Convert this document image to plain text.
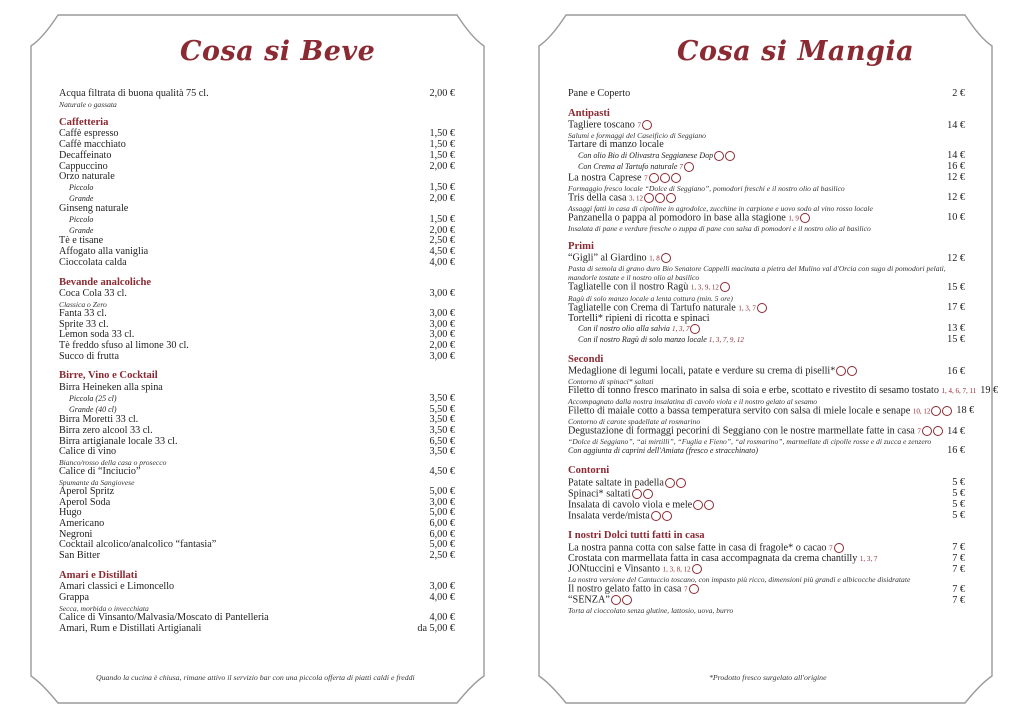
Cosa si Beve	Cosa si Mangia
Acqua filtrata di buona qualità 75 cl.	2,00 €
Naturale o gassata
Caffetteria
Caffè espresso	1,50 €
Caffè macchiato	1,50 €
Decaffeinato	1,50 €
Cappuccino	2,00 €
Orzo naturale
Piccolo	1,50 €
Grande	2,00 €
Ginseng naturale
Piccolo	1,50 €
Grande	2,00 €
Tè e tisane	2,50 €
Affogato alla vaniglia	4,50 €
Cioccolata calda	4,00 €
Bevande analcoliche
Coca Cola 33 cl.	3,00 €
Classica o Zero
Fanta 33 cl.	3,00 €
Sprite 33 cl.	3,00 €
Lemon soda 33 cl.	3,00 €
Tè freddo sfuso al limone 30 cl.	2,00 €
Succo di frutta	3,00 €
Birre, Vino e Cocktail
Birra Heineken alla spina
Piccola (25 cl)	3,50 €
Grande (40 cl)	5,50 €
Birra Moretti 33 cl.	3,50 €
Birra zero alcool 33 cl.	3,50 €
Birra artigianale locale 33 cl.	6,50 €
Calice di vino	3,50 €
Bianco/rosso della casa o prosecco
Calice di “Inciucio”	4,50 €
Spumante da Sangiovese
Aperol Spritz	5,00 €
Aperol Soda	3,00 €
Hugo	5,00 €
Americano	6,00 €
Negroni	6,00 €
Cocktail alcolico/analcolico “fantasia”	5,00 €
San Bitter	2,50 €
Amari e Distillati
Amari classici e Limoncello	3,00 €
Grappa	4,00 €
Secca, morbida o invecchiata
Calice di Vinsanto/Malvasia/Moscato di Pantelleria	4,00 €
Amari, Rum e Distillati Artigianali	da 5,00 €
Pane e Coperto	2 €
Antipasti
Tagliere toscano 7	14 €
Salumi e formaggi del Caseificio di Seggiano
Tartare di manzo locale
Con olio Bio di Olivastra Seggianese Dop	14 €
Con Crema al Tartufo naturale 7	16 €
La nostra Caprese 7	12 €
Formaggio fresco locale “Dolce di Seggiano”, pomodori freschi e il nostro olio al basilico
Tris della casa 3, 12	12 €
Assaggi fatti in casa di cipolline in agrodolce, zucchine in carpione e uovo sodo al vino rosso locale
Panzanella o pappa al pomodoro in base alla stagione 1, 9	10 €
Insalata di pane e verdure fresche o zuppa di pane con salsa di pomodori e il nostro olio al basilico
Primi
“Gigli” al Giardino 1, 8	12 €
Pasta di semola di grano duro Bio Senatore Cappelli macinata a pietra del Mulino val d'Orcia con sugo di pomodori pelati, mandorle tostate e il nostro olio al basilico
Tagliatelle con il nostro Ragù 1, 3, 9, 12	15 €
Ragù di solo manzo locale a lenta cottura (min. 5 ore)
Tagliatelle con Crema di Tartufo naturale 1, 3, 7	17 €
Tortelli* ripieni di ricotta e spinaci
Con il nostro olio alla salvia 1, 3, 7	13 €
Con il nostro Ragù di solo manzo locale 1, 3, 7, 9, 12	15 €
Secondi
Medaglione di legumi locali, patate e verdure su crema di piselli*	16 €
Contorno di spinaci* saltati
Filetto di tonno fresco marinato in salsa di soia e erbe, scottato e rivestito di sesamo tostato 1, 4, 6, 7, 11 19 €
Accompagnato dalla nostra insalatina di cavolo viola e il nostro gelato al sesamo
Filetto di maiale cotto a bassa temperatura servito con salsa di miele locale e senape 10, 12	18 €
Contorno di carote spadellate al rosmarino
Degustazione di formaggi pecorini di Seggiano con le nostre marmellate fatte in casa 7	14 €
“Dolce di Seggiano”, “ai mirtilli”, “Fuglia e Fieno”, “al rosmarino”, marmellate di cipolle rosse e di zucca e zenzero
Con aggiunta di caprini dell'Amiata (fresco e stracchinato)	16 €
Contorni
Patate saltate in padella	5 €
Spinaci* saltati	5 €
Insalata di cavolo viola e mele	5 €
Insalata verde/mista	5 €
I nostri Dolci tutti fatti in casa
La nostra panna cotta con salse fatte in casa di fragole* o cacao 7	7 €
Crostata con marmellata fatta in casa accompagnata da crema chantilly 1, 3, 7	7 €
JONtuccini e Vinsanto 1, 3, 8, 12	7 €
La nostra versione del Cantuccio toscano, con impasto più ricco, dimensioni più grandi e albicocche disidratate
Il nostro gelato fatto in casa 7	7 €
“SENZA”	7 €
Torta al cioccolato senza glutine, lattosio, uova, burro
Quando la cucina è chiusa, rimane attivo il servizio bar con una piccola offerta di piatti caldi e freddi	*Prodotto fresco surgelato all'origine
